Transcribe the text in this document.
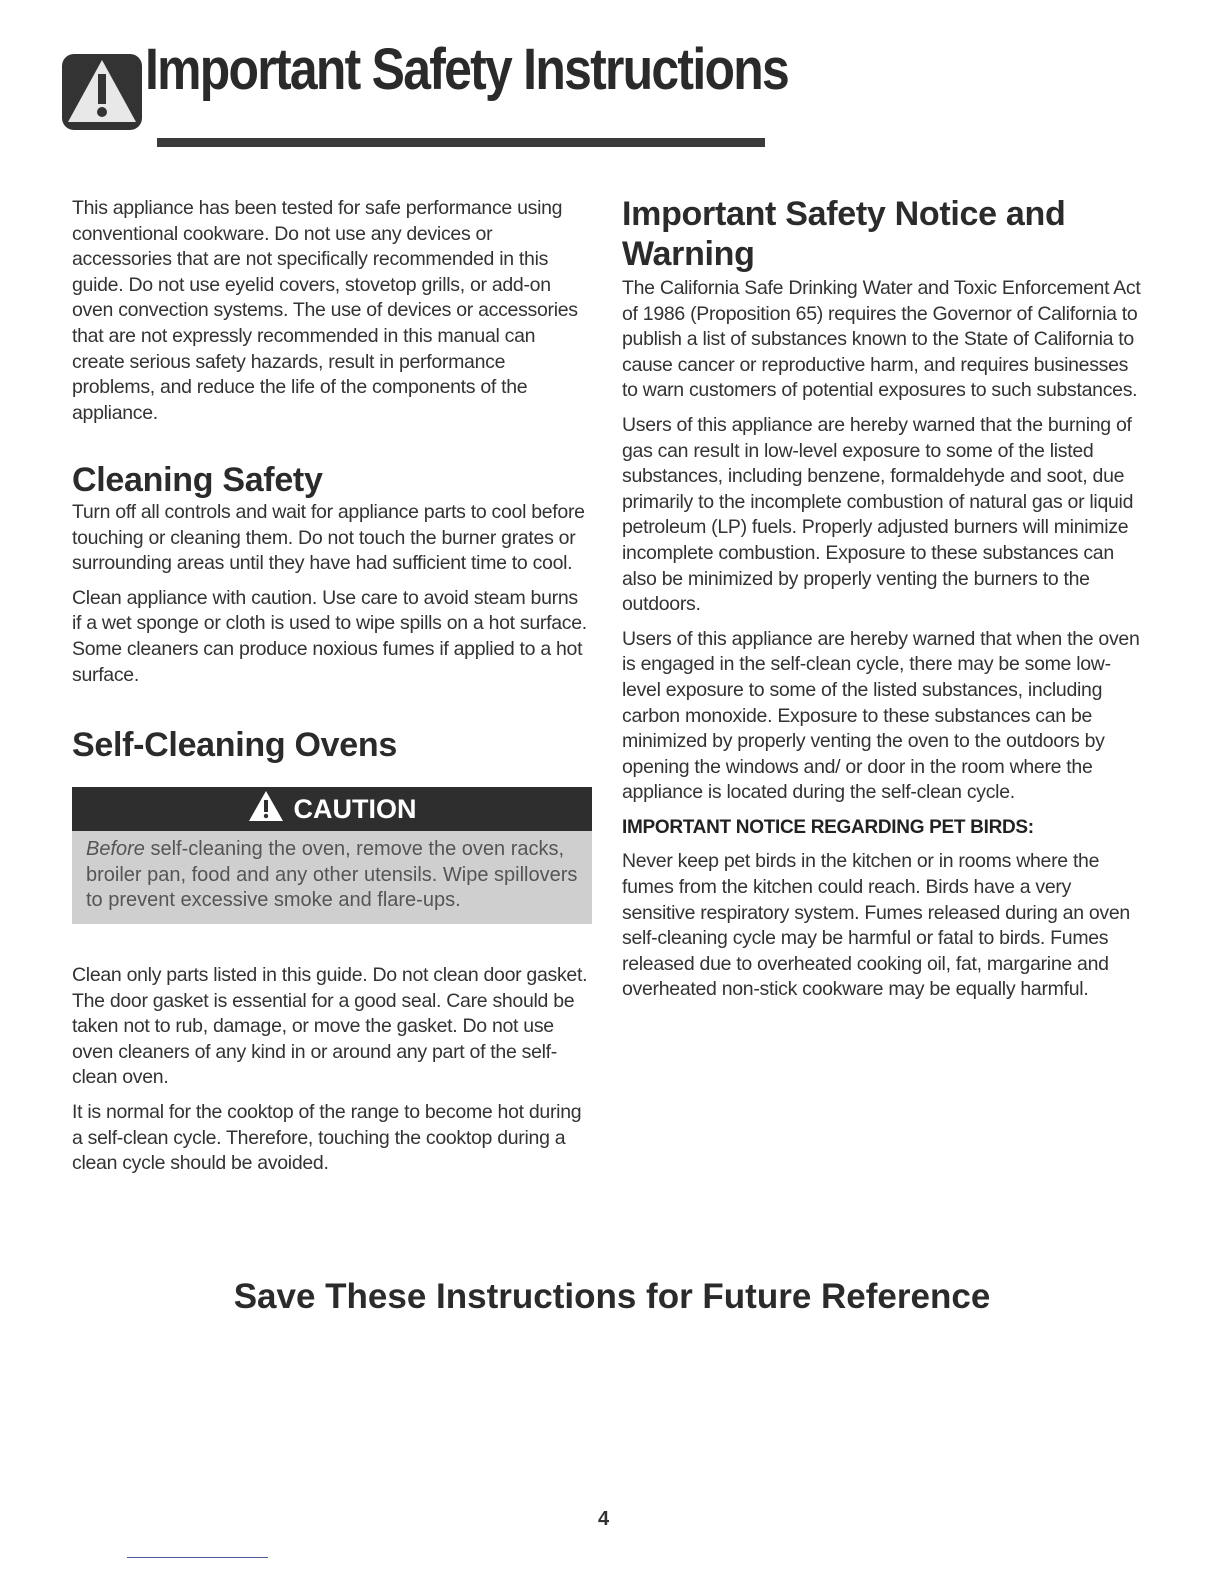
Important Safety Instructions

This appliance has been tested for safe performance using conventional cookware. Do not use any devices or accessories that are not specifically recommended in this guide. Do not use eyelid covers, stovetop grills, or add-on oven convection systems. The use of devices or accessories that are not expressly recommended in this manual can create serious safety hazards, result in performance problems, and reduce the life of the components of the appliance.

Cleaning Safety

Turn off all controls and wait for appliance parts to cool before touching or cleaning them. Do not touch the burner grates or surrounding areas until they have had sufficient time to cool.

Clean appliance with caution. Use care to avoid steam burns if a wet sponge or cloth is used to wipe spills on a hot surface. Some cleaners can produce noxious fumes if applied to a hot surface.

Self-Cleaning Ovens
CAUTION
Before self-cleaning the oven, remove the oven racks, broiler pan, food and any other utensils. Wipe spillovers to prevent excessive smoke and flare-ups.

Clean only parts listed in this guide. Do not clean door gasket. The door gasket is essential for a good seal. Care should be taken not to rub, damage, or move the gasket. Do not use oven cleaners of any kind in or around any part of the self-clean oven.

It is normal for the cooktop of the range to become hot during a self-clean cycle. Therefore, touching the cooktop during a clean cycle should be avoided.

Important Safety Notice and Warning

The California Safe Drinking Water and Toxic Enforcement Act of 1986 (Proposition 65) requires the Governor of California to publish a list of substances known to the State of California to cause cancer or reproductive harm, and requires businesses to warn customers of potential exposures to such substances.

Users of this appliance are hereby warned that the burning of gas can result in low-level exposure to some of the listed substances, including benzene, formaldehyde and soot, due primarily to the incomplete combustion of natural gas or liquid petroleum (LP) fuels. Properly adjusted burners will minimize incomplete combustion. Exposure to these substances can also be minimized by properly venting the burners to the outdoors.

Users of this appliance are hereby warned that when the oven is engaged in the self-clean cycle, there may be some low-level exposure to some of the listed substances, including carbon monoxide. Exposure to these substances can be minimized by properly venting the oven to the outdoors by opening the windows and/ or door in the room where the appliance is located during the self-clean cycle.

IMPORTANT NOTICE REGARDING PET BIRDS:

Never keep pet birds in the kitchen or in rooms where the fumes from the kitchen could reach. Birds have a very sensitive respiratory system. Fumes released during an oven self-cleaning cycle may be harmful or fatal to birds. Fumes released due to overheated cooking oil, fat, margarine and overheated non-stick cookware may be equally harmful.

Save These Instructions for Future Reference
4
